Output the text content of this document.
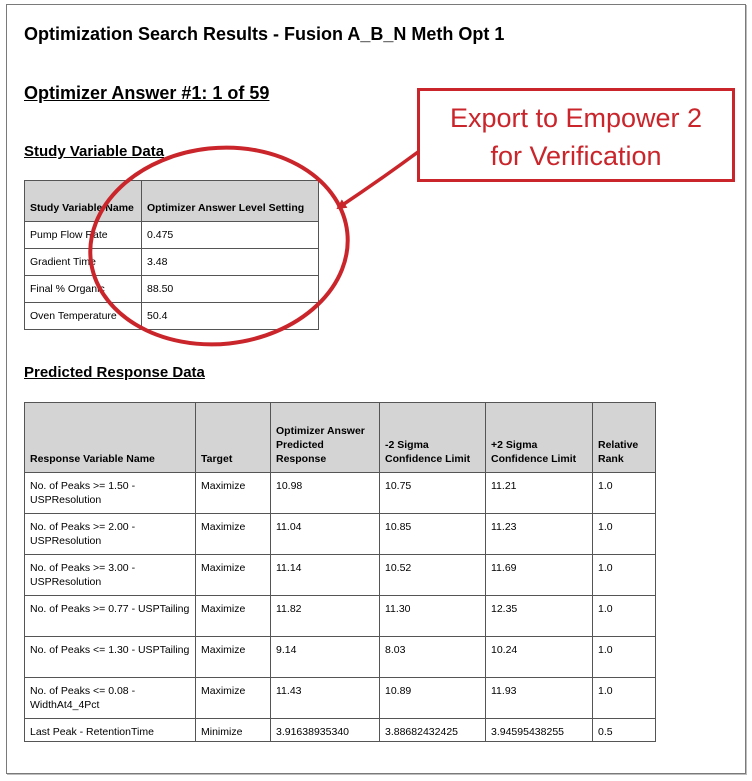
Optimization Search Results - Fusion A_B_N Meth Opt 1
Optimizer Answer #1: 1 of 59
Study Variable Data
Study Variable Name	Optimizer Answer Level Setting
Pump Flow Rate	0.475
Gradient Time	3.48
Final % Organic	88.50
Oven Temperature	50.4
Predicted Response Data
Response Variable Name	Target	Optimizer Answer Predicted Response	-2 Sigma Confidence Limit	+2 Sigma Confidence Limit	Relative Rank
No. of Peaks >= 1.50 - USPResolution	Maximize	10.98	10.75	11.21	1.0
No. of Peaks >= 2.00 - USPResolution	Maximize	11.04	10.85	11.23	1.0
No. of Peaks >= 3.00 - USPResolution	Maximize	11.14	10.52	11.69	1.0
No. of Peaks >= 0.77 - USPTailing	Maximize	11.82	11.30	12.35	1.0
No. of Peaks <= 1.30 - USPTailing	Maximize	9.14	8.03	10.24	1.0
No. of Peaks <= 0.08 - WidthAt4_4Pct	Maximize	11.43	10.89	11.93	1.0
Last Peak - RetentionTime	Minimize	3.91638935340	3.88682432425	3.94595438255	0.5
Export to Empower 2
for Verification
